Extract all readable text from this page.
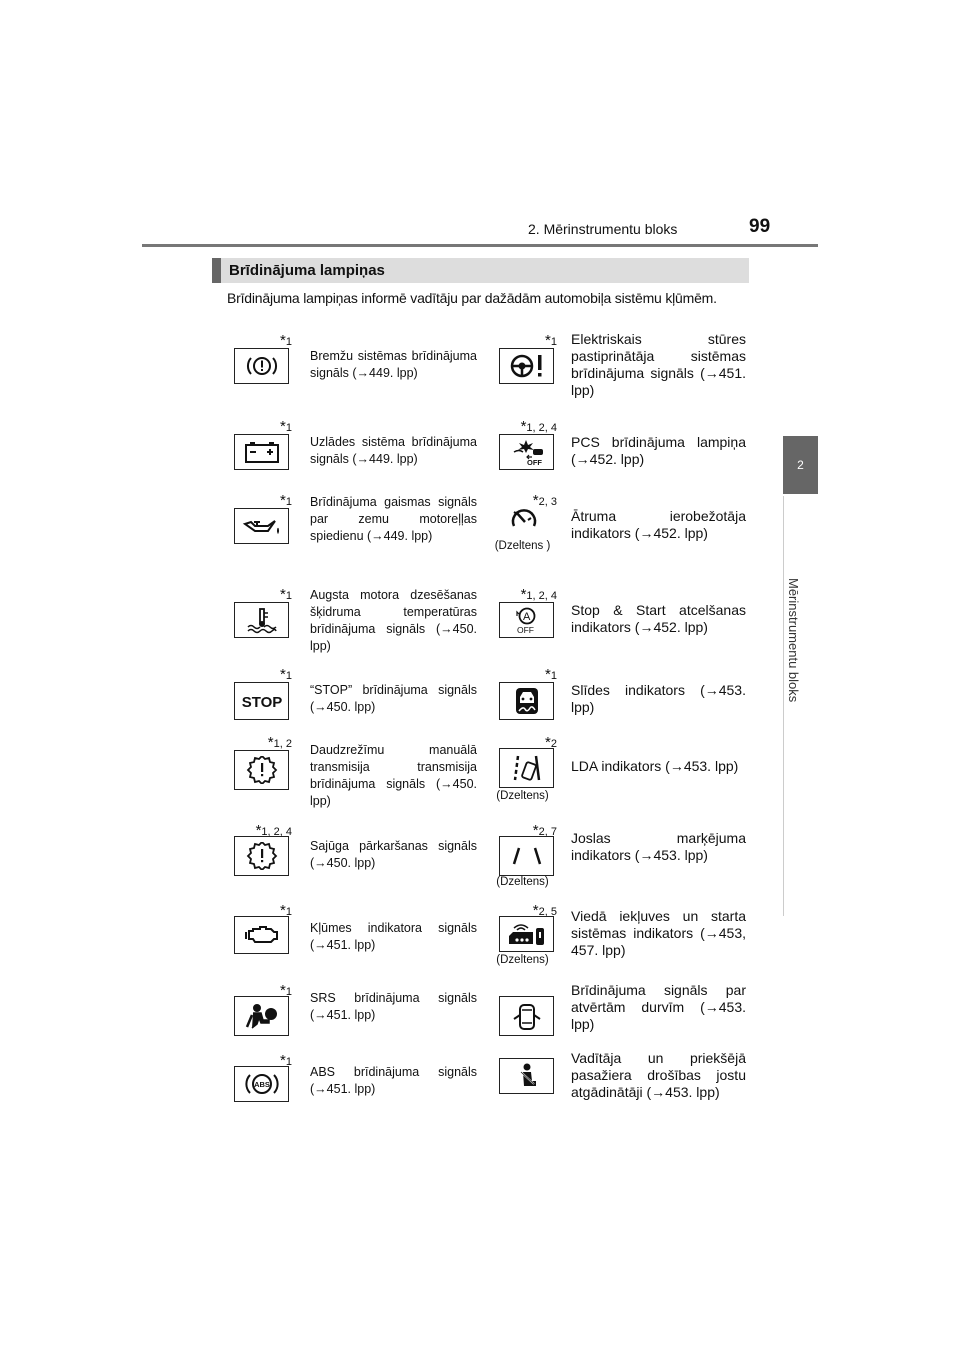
2. Mērinstrumentu bloks	99
2
Mērinstrumentu bloks
Brīdinājuma lampiņas
Brīdinājuma lampiņas informē vadītāju par dažādām automobiļa sistēmu kļūmēm.
*1
Bremžu sistēmas brīdinājuma signāls (→449. lpp)
*1 Elektriskais stūres pastiprinātāja sistēmas brīdinājuma signāls (→451. lpp)
*1
Uzlādes sistēma brīdinājuma signāls (→449. lpp)
*1, 2, 4
OFF
PCS brīdinājuma lampiņa (→452. lpp)
*1 Brīdinājuma gaismas signāls par zemu motoreļļas spiedienu (→449. lpp)
*2, 3
(Dzeltens )
Ātruma ierobežotāja indikators (→452. lpp)
*1 Augsta motora dzesēšanas šķidruma temperatūras brīdinājuma signāls (→450. lpp)
*1, 2, 4
A
OFF
Stop & Start atcelšanas indikators (→452. lpp)
*1
STOP
“STOP” brīdinājuma signāls (→450. lpp)
*1
Slīdes indikators (→453. lpp)
*1, 2 Daudzrežīmu manuālā transmisija transmisija brīdinājuma signāls (→450. lpp)
*2
(Dzeltens)
LDA indikators (→453. lpp)
*1, 2, 4
Sajūga pārkaršanas signāls (→450. lpp)
*2, 7
(Dzeltens)
Joslas marķējuma indikators (→453. lpp)
*1
Kļūmes indikatora signāls (→451. lpp)
*2, 5
(Dzeltens)
Viedā iekļuves un starta sistēmas indikators (→453, 457. lpp)
*1 SRS brīdinājuma signāls (→451. lpp)
Brīdinājuma signāls par atvērtām durvīm (→453. lpp)
*1
ABS
ABS brīdinājuma signāls (→451. lpp)
Vadītāja un priekšējā pasažiera drošības jostu atgādinātāji (→453. lpp)
